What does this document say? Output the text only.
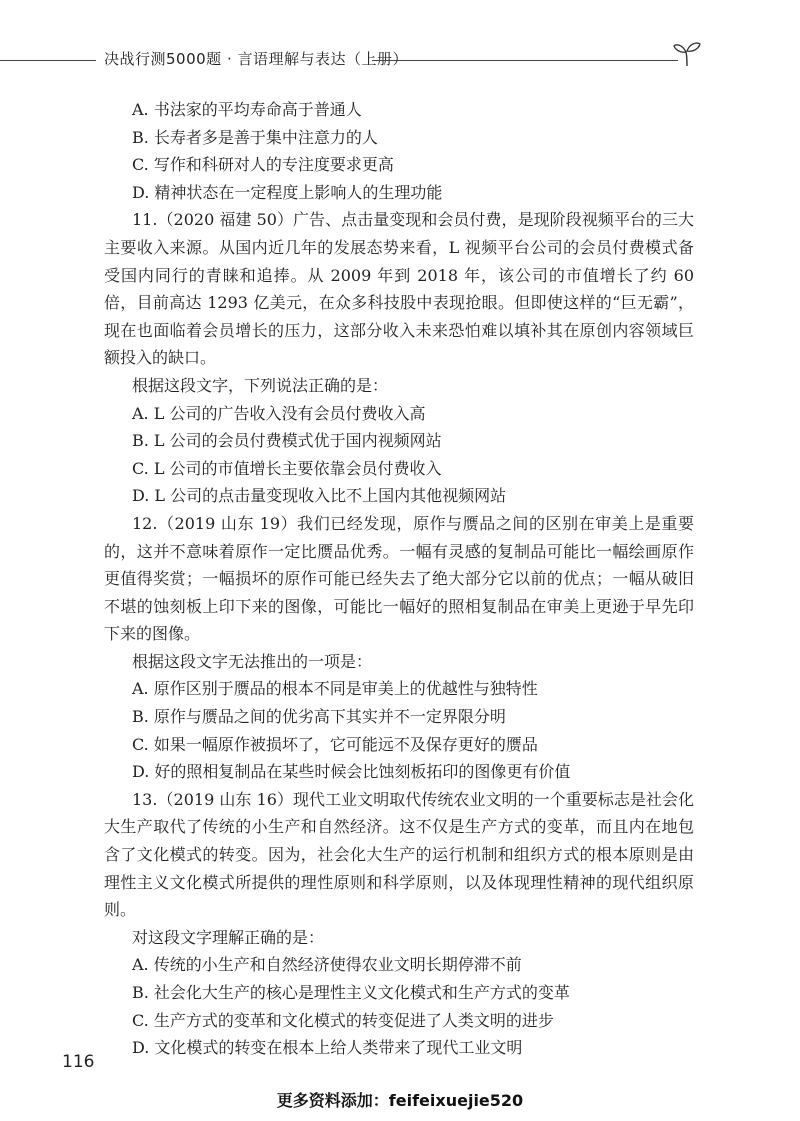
决战行测5000题 · 言语理解与表达（上册）

A. 书法家的平均寿命高于普通人

B. 长寿者多是善于集中注意力的人

C. 写作和科研对人的专注度要求更高

D. 精神状态在一定程度上影响人的生理功能

11.（2020 福建 50）广告、点击量变现和会员付费，是现阶段视频平台的三大主要收入来源。从国内近几年的发展态势来看，L 视频平台公司的会员付费模式备受国内同行的青睐和追捧。从 2009 年到 2018 年，该公司的市值增长了约 60 倍，目前高达 1293 亿美元，在众多科技股中表现抢眼。但即使这样的“巨无霸”，现在也面临着会员增长的压力，这部分收入未来恐怕难以填补其在原创内容领域巨额投入的缺口。

根据这段文字，下列说法正确的是：

A. L 公司的广告收入没有会员付费收入高

B. L 公司的会员付费模式优于国内视频网站

C. L 公司的市值增长主要依靠会员付费收入

D. L 公司的点击量变现收入比不上国内其他视频网站

12.（2019 山东 19）我们已经发现，原作与赝品之间的区别在审美上是重要的，这并不意味着原作一定比赝品优秀。一幅有灵感的复制品可能比一幅绘画原作更值得奖赏；一幅损坏的原作可能已经失去了绝大部分它以前的优点；一幅从破旧不堪的蚀刻板上印下来的图像，可能比一幅好的照相复制品在审美上更逊于早先印下来的图像。

根据这段文字无法推出的一项是：

A. 原作区别于赝品的根本不同是审美上的优越性与独特性

B. 原作与赝品之间的优劣高下其实并不一定界限分明

C. 如果一幅原作被损坏了，它可能远不及保存更好的赝品

D. 好的照相复制品在某些时候会比蚀刻板拓印的图像更有价值

13.（2019 山东 16）现代工业文明取代传统农业文明的一个重要标志是社会化大生产取代了传统的小生产和自然经济。这不仅是生产方式的变革，而且内在地包含了文化模式的转变。因为，社会化大生产的运行机制和组织方式的根本原则是由理性主义文化模式所提供的理性原则和科学原则，以及体现理性精神的现代组织原则。

对这段文字理解正确的是：

A. 传统的小生产和自然经济使得农业文明长期停滞不前

B. 社会化大生产的核心是理性主义文化模式和生产方式的变革

C. 生产方式的变革和文化模式的转变促进了人类文明的进步

D. 文化模式的转变在根本上给人类带来了现代工业文明

116
更多资料添加：feifeixuejie520
